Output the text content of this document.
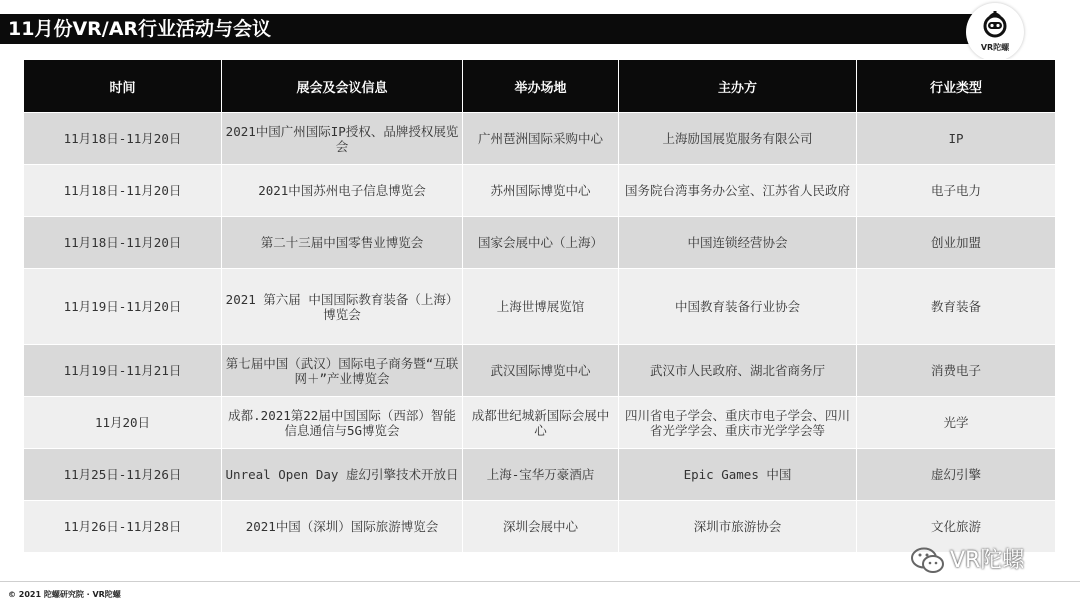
11月份VR/AR行业活动与会议
VR陀螺
时间	展会及会议信息	举办场地	主办方	行业类型
11月18日-11月20日	2021中国广州国际IP授权、品牌授权展览会	广州琶洲国际采购中心	上海励国展览服务有限公司	IP
11月18日-11月20日	2021中国苏州电子信息博览会	苏州国际博览中心	国务院台湾事务办公室、江苏省人民政府	电子电力
11月18日-11月20日	第二十三届中国零售业博览会	国家会展中心（上海）	中国连锁经营协会	创业加盟
11月19日-11月20日	2021 第六届 中国国际教育装备（上海）博览会	上海世博展览馆	中国教育装备行业协会	教育装备
11月19日-11月21日	第七届中国（武汉）国际电子商务暨“互联网＋”产业博览会	武汉国际博览中心	武汉市人民政府、湖北省商务厅	消费电子
11月20日	成都.2021第22届中国国际（西部）智能信息通信与5G博览会	成都世纪城新国际会展中心	四川省电子学会、重庆市电子学会、四川省光学学会、重庆市光学学会等	光学
11月25日-11月26日	Unreal Open Day 虚幻引擎技术开放日	上海-宝华万豪酒店	Epic Games 中国	虚幻引擎
11月26日-11月28日	2021中国（深圳）国际旅游博览会	深圳会展中心	深圳市旅游协会	文化旅游
VR陀螺
© 2021 陀螺研究院 · VR陀螺
